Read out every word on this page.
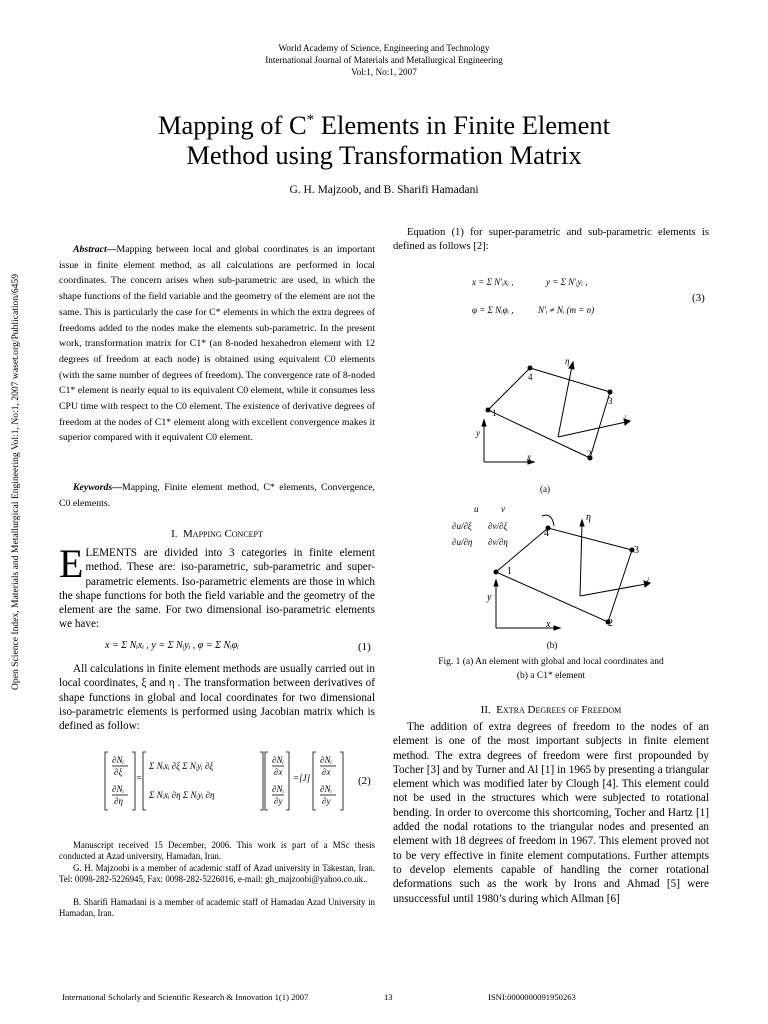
World Academy of Science, Engineering and Technology
International Journal of Materials and Metallurgical Engineering
Vol:1, No:1, 2007
Mapping of C* Elements in Finite Element
Method using Transformation Matrix
G. H. Majzoob, and B. Sharifi Hamadani
Open Science Index, Materials and Metallurgical Engineering Vol:1, No:1, 2007 waset.org/Publication/6459
Abstract—Mapping between local and global coordinates is an important issue in finite element method, as all calculations are performed in local coordinates. The concern arises when sub-parametric are used, in which the shape functions of the field variable and the geometry of the element are not the same. This is particularly the case for C* elements in which the extra degrees of freedoms added to the nodes make the elements sub-parametric. In the present work, transformation matrix for C1* (an 8-noded hexahedron element with 12 degrees of freedom at each node) is obtained using equivalent C0 elements (with the same number of degrees of freedom). The convergence rate of 8-noded C1* element is nearly equal to its equivalent C0 element, while it consumes less CPU time with respect to the C0 element. The existence of derivative degrees of freedom at the nodes of C1* element along with excellent convergence makes it superior compared with it equivalent C0 element.
Keywords—Mapping, Finite element method, C* elements, Convergence, C0 elements.
I. Mapping Concept
ELEMENTS are divided into 3 categories in finite element method. These are: iso-parametric, sub-parametric and super-parametric elements. Iso-parametric elements are those in which the shape functions for both the field variable and the geometry of the element are the same. For two dimensional iso-parametric elements we have:
x = Σ Nᵢxᵢ , y = Σ Nᵢyᵢ , φ = Σ Nᵢφᵢ	(1)
All calculations in finite element methods are usually carried out in local coordinates, ξ and η . The transformation between derivatives of shape functions in global and local coordinates for two dimensional iso-parametric elements is performed using Jacobian matrix which is defined as follow:
∂Nᵢ
∂ξ
∂Nᵢ
∂η
=
Σ Nᵢxᵢ ∂ξ Σ Nᵢyᵢ ∂ξ
Σ Nᵢxᵢ ∂η Σ Nᵢyᵢ ∂η
∂Nᵢ
∂x
∂Nᵢ
∂y
=[J]
∂Nᵢ
∂x
∂Nᵢ
∂y
(2)
Manuscript received 15 December, 2006. This work is part of a MSc thesis conducted at Azad university, Hamadan, Iran.
G. H. Majzoobi is a member of academic staff of Azad university in Takestan, Iran. Tel: 0098-282-5226945, Fax: 0098-282-5226016, e-mail: gh_majzoobi@yahoo.co.uk..
B. Sharifi Hamadani is a member of academic staff of Hamadan Azad University in Hamadan, Iran.
Equation (1) for super-parametric and sub-parametric elements is defined as follows [2]:
x = Σ N′ᵢxᵢ ,	y = Σ N′ᵢyᵢ ,
φ = Σ Nᵢφᵢ ,	N′ᵢ ≠ Nᵢ (m = n)
(3)
1
4
3
2
η
ξ
x
y
(a)
1
4
3
2
η
ξ
x
y
u	v
∂u/∂ξ ∂v/∂ξ
∂u/∂η ∂v/∂η
(b)
Fig. 1 (a) An element with global and local coordinates and
(b) a C1* element
II. Extra Degrees of Freedom
The addition of extra degrees of freedom to the nodes of an element is one of the most important subjects in finite element method. The extra degrees of freedom were first propounded by Tocher [3] and by Turner and Al [1] in 1965 by presenting a triangular element which was modified later by Clough [4]. This element could not be used in the structures which were subjected to rotational bending. In order to overcome this shortcoming, Tocher and Hartz [1] added the nodal rotations to the triangular nodes and presented an element with 18 degrees of freedom in 1967. This element proved not to be very effective in finite element computations. Further attempts to develop elements capable of handling the corner rotational deformations such as the work by Irons and Ahmad [5] were unsuccessful until 1980’s during which Allman [6]
International Scholarly and Scientific Research & Innovation 1(1) 2007	13	ISNI:0000000091950263
